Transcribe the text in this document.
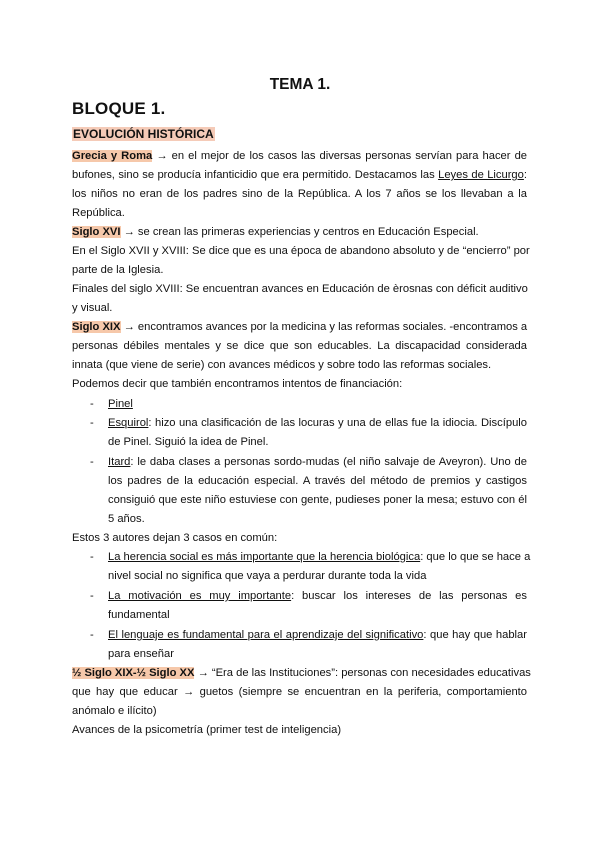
TEMA 1.
BLOQUE 1.
EVOLUCIÓN HISTÓRICA
Grecia y Roma → en el mejor de los casos las diversas personas servían para hacer de
bufones, sino se producía infanticidio que era permitido. Destacamos las Leyes de Licurgo:
los niños no eran de los padres sino de la República. A los 7 años se los llevaban a la
República.
Siglo XVI → se crean las primeras experiencias y centros en Educación Especial.
En el Siglo XVII y XVIII: Se dice que es una época de abandono absoluto y de “encierro” por
parte de la Iglesia.
Finales del siglo XVIII: Se encuentran avances en Educación de èrosnas con déficit auditivo
y visual.
Siglo XIX → encontramos avances por la medicina y las reformas sociales. -encontramos a
personas débiles mentales y se dice que son educables. La discapacidad considerada
innata (que viene de serie) con avances médicos y sobre todo las reformas sociales.
Podemos decir que también encontramos intentos de financiación:
-	Pinel
-	Esquirol: hizo una clasificación de las locuras y una de ellas fue la idiocia. Discípulo
de Pinel. Siguió la idea de Pinel.
-	Itard: le daba clases a personas sordo-mudas (el niño salvaje de Aveyron). Uno de
los padres de la educación especial. A través del método de premios y castigos
consiguió que este niño estuviese con gente, pudieses poner la mesa; estuvo con él
5 años.
Estos 3 autores dejan 3 casos en común:
-	La herencia social es más importante que la herencia biológica: que lo que se hace a
nivel social no significa que vaya a perdurar durante toda la vida
-	La motivación es muy importante: buscar los intereses de las personas es
fundamental
-	El lenguaje es fundamental para el aprendizaje del significativo: que hay que hablar
para enseñar
½ Siglo XIX-½ Siglo XX → “Era de las Instituciones”: personas con necesidades educativas
que hay que educar → guetos (siempre se encuentran en la periferia, comportamiento
anómalo e ilícito)
Avances de la psicometría (primer test de inteligencia)
